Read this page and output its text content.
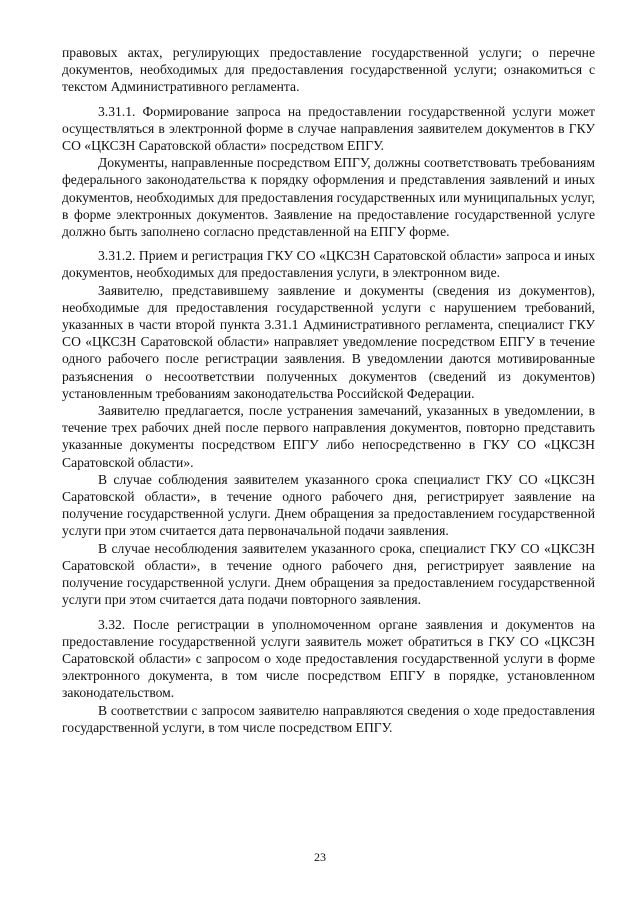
правовых актах, регулирующих предоставление государственной услуги; о перечне документов, необходимых для предоставления государственной услуги; ознакомиться с текстом Административного регламента.

3.31.1. Формирование запроса на предоставлении государственной услуги может осуществляться в электронной форме в случае направления заявителем документов в ГКУ СО «ЦКСЗН Саратовской области» посредством ЕПГУ.

Документы, направленные посредством ЕПГУ, должны соответствовать требованиям федерального законодательства к порядку оформления и представления заявлений и иных документов, необходимых для предоставления государственных или муниципальных услуг, в форме электронных документов. Заявление на предоставление государственной услуге должно быть заполнено согласно представленной на ЕПГУ форме.

3.31.2. Прием и регистрация ГКУ СО «ЦКСЗН Саратовской области» запроса и иных документов, необходимых для предоставления услуги, в электронном виде.

Заявителю, представившему заявление и документы (сведения из документов), необходимые для предоставления государственной услуги с нарушением требований, указанных в части второй пункта 3.31.1 Административного регламента, специалист ГКУ СО «ЦКСЗН Саратовской области» направляет уведомление посредством ЕПГУ в течение одного рабочего после регистрации заявления. В уведомлении даются мотивированные разъяснения о несоответствии полученных документов (сведений из документов) установленным требованиям законодательства Российской Федерации.

Заявителю предлагается, после устранения замечаний, указанных в уведомлении, в течение трех рабочих дней после первого направления документов, повторно представить указанные документы посредством ЕПГУ либо непосредственно в ГКУ СО «ЦКСЗН Саратовской области».

В случае соблюдения заявителем указанного срока специалист ГКУ СО «ЦКСЗН Саратовской области», в течение одного рабочего дня, регистрирует заявление на получение государственной услуги. Днем обращения за предоставлением государственной услуги при этом считается дата первоначальной подачи заявления.

В случае несоблюдения заявителем указанного срока, специалист ГКУ СО «ЦКСЗН Саратовской области», в течение одного рабочего дня, регистрирует заявление на получение государственной услуги. Днем обращения за предоставлением государственной услуги при этом считается дата подачи повторного заявления.

3.32. После регистрации в уполномоченном органе заявления и документов на предоставление государственной услуги заявитель может обратиться в ГКУ СО «ЦКСЗН Саратовской области» с запросом о ходе предоставления государственной услуги в форме электронного документа, в том числе посредством ЕПГУ в порядке, установленном законодательством.

В соответствии с запросом заявителю направляются сведения о ходе предоставления государственной услуги, в том числе посредством ЕПГУ.

23
